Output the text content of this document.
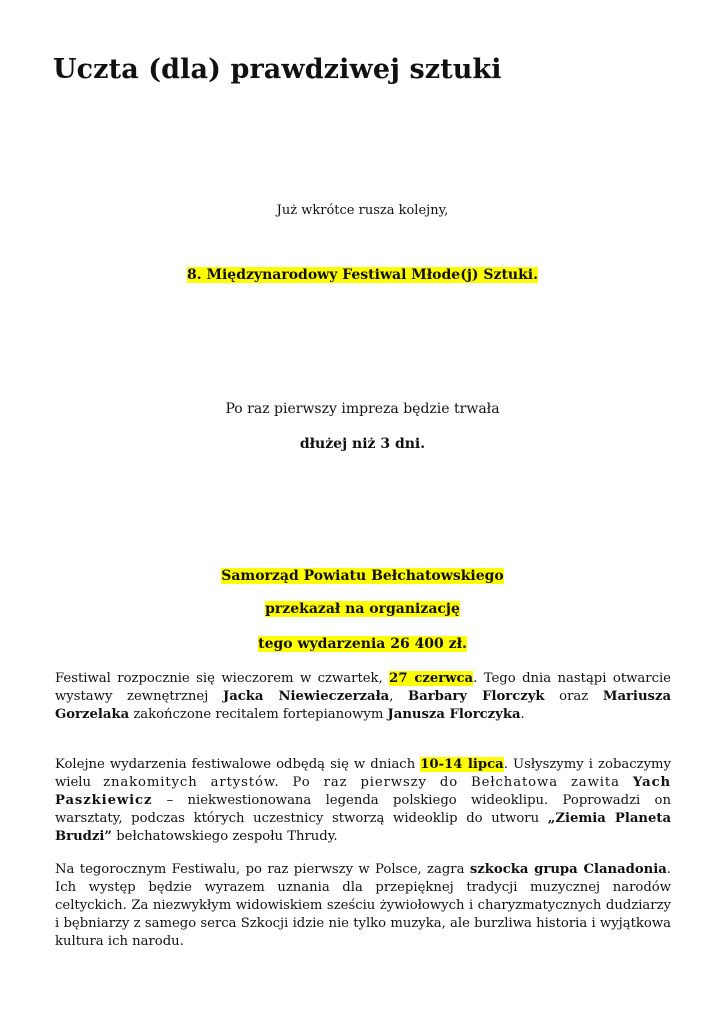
Uczta (dla) prawdziwej sztuki

Już wkrótce rusza kolejny,

8. Międzynarodowy Festiwal Młode(j) Sztuki.

Po raz pierwszy impreza będzie trwała

dłużej niż 3 dni.

Samorząd Powiatu Bełchatowskiego

przekazał na organizację

tego wydarzenia 26 400 zł.

Festiwal rozpocznie się wieczorem w czwartek, 27 czerwca. Tego dnia nastąpi otwarcie wystawy zewnętrznej Jacka Niewieczerzała, Barbary Florczyk oraz Mariusza Gorzelaka zakończone recitalem fortepianowym Janusza Florczyka.

Kolejne wydarzenia festiwalowe odbędą się w dniach 10-14 lipca. Usłyszymy i zobaczymy wielu znakomitych artystów. Po raz pierwszy do Bełchatowa zawita Yach Paszkiewicz – niekwestionowana legenda polskiego wideoklipu. Poprowadzi on warsztaty, podczas których uczestnicy stworzą wideoklip do utworu „Ziemia Planeta Brudzi” bełchatowskiego zespołu Thrudy.

Na tegorocznym Festiwalu, po raz pierwszy w Polsce, zagra szkocka grupa Clanadonia. Ich występ będzie wyrazem uznania dla przepięknej tradycji muzycznej narodów celtyckich. Za niezwykłym widowiskiem sześciu żywiołowych i charyzmatycznych dudziarzy i bębniarzy z samego serca Szkocji idzie nie tylko muzyka, ale burzliwa historia i wyjątkowa kultura ich narodu.
